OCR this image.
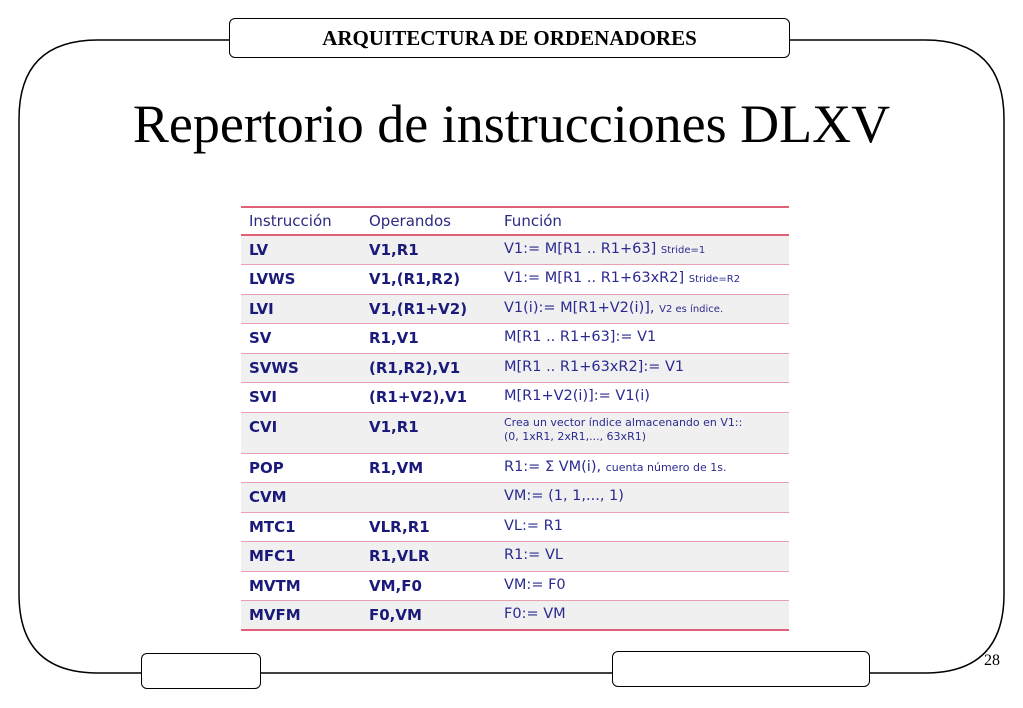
ARQUITECTURA DE ORDENADORES
Repertorio de instrucciones DLXV
Instrucción	Operandos	Función
LV	V1,R1	V1:= M[R1 .. R1+63] Stride=1
LVWS	V1,(R1,R2)	V1:= M[R1 .. R1+63xR2] Stride=R2
LVI	V1,(R1+V2)	V1(i):= M[R1+V2(i)], V2 es índice.
SV	R1,V1	M[R1 .. R1+63]:= V1
SVWS	(R1,R2),V1	M[R1 .. R1+63xR2]:= V1
SVI	(R1+V2),V1	M[R1+V2(i)]:= V1(i)
CVI	V1,R1	Crea un vector índice almacenando en V1::
(0, 1xR1, 2xR1,..., 63xR1)

POP	R1,VM	R1:= Σ VM(i), cuenta número de 1s.
CVM		VM:= (1, 1,..., 1)
MTC1	VLR,R1	VL:= R1
MFC1	R1,VLR	R1:= VL
MVTM	VM,F0	VM:= F0
MVFM	F0,VM	F0:= VM
28
